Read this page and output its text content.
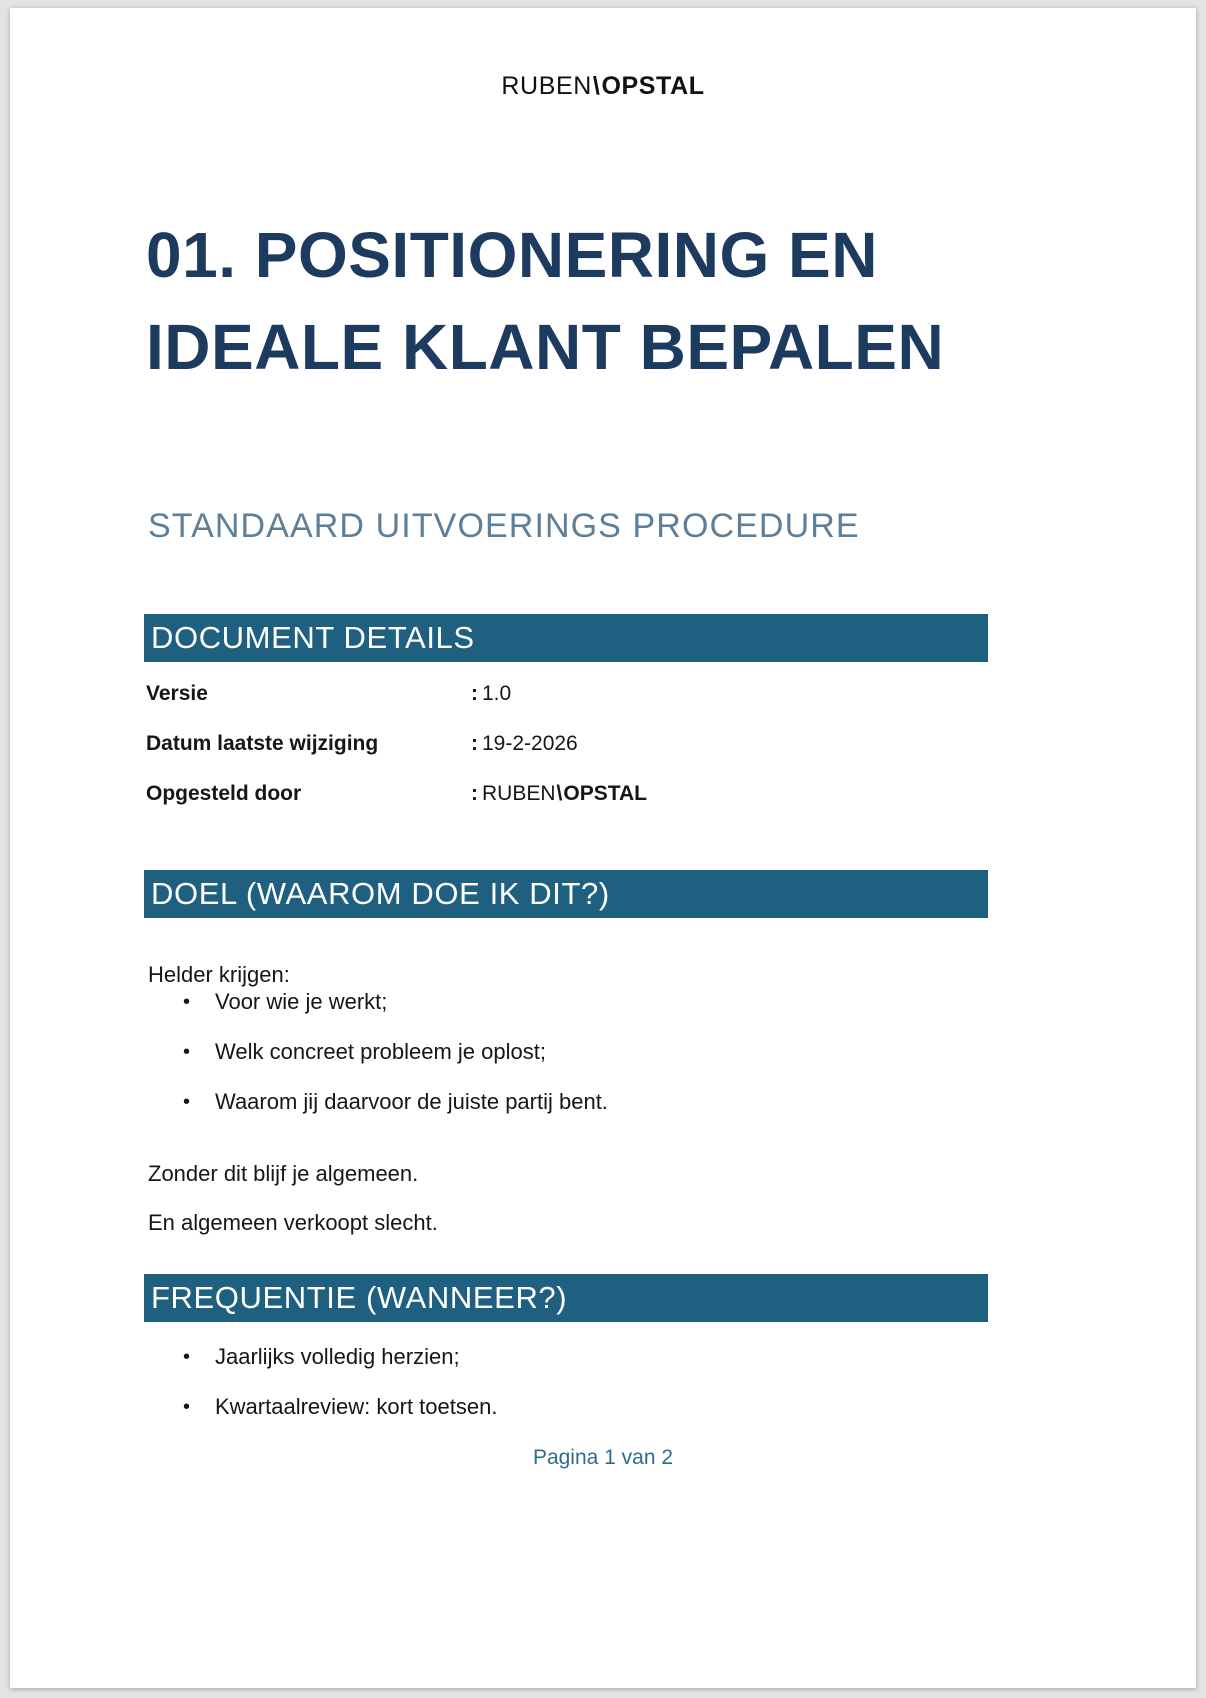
RUBEN\OPSTAL
01. POSITIONERING EN IDEALE KLANT BEPALEN
STANDAARD UITVOERINGS PROCEDURE
DOCUMENT DETAILS
Versie	: 1.0
Datum laatste wijziging	: 19-2-2026
Opgesteld door	: RUBEN\OPSTAL
DOEL (WAAROM DOE IK DIT?)

Helder krijgen:

•	Voor wie je werkt;
•	Welk concreet probleem je oplost;
•	Waarom jij daarvoor de juiste partij bent.

Zonder dit blijf je algemeen.

En algemeen verkoopt slecht.

FREQUENTIE (WANNEER?)
•	Jaarlijks volledig herzien;
•	Kwartaalreview: kort toetsen.
Pagina 1 van 2
